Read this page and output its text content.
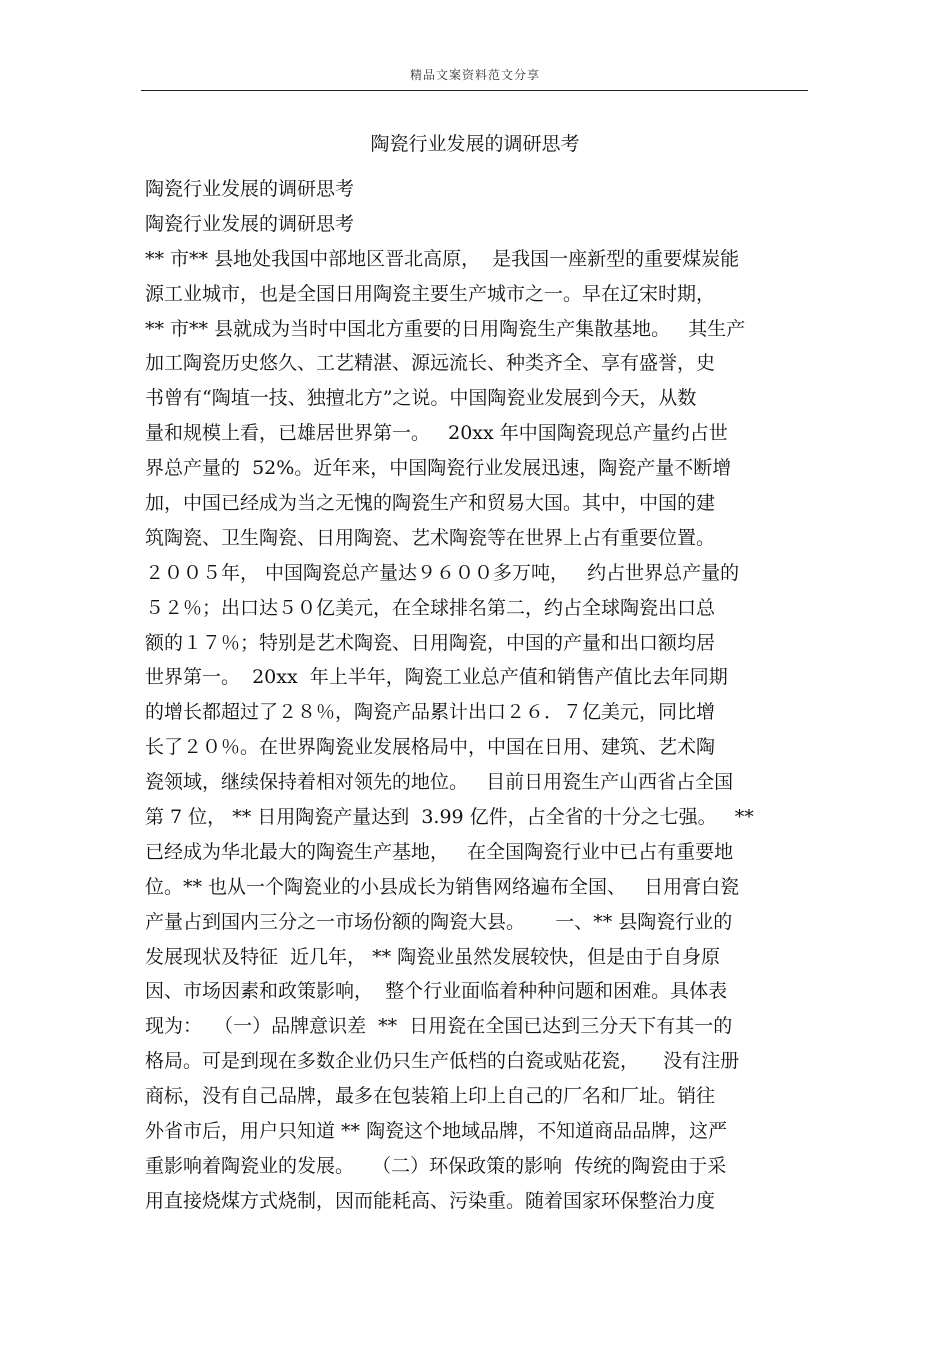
精品文案资料范文分享
陶瓷行业发展的调研思考
陶瓷行业发展的调研思考
陶瓷行业发展的调研思考
** 市** 县地处我国中部地区晋北高原，  是我国一座新型的重要煤炭能
源工业城市，也是全国日用陶瓷主要生产城市之一。早在辽宋时期，
** 市** 县就成为当时中国北方重要的日用陶瓷生产集散基地。   其生产
加工陶瓷历史悠久、工艺精湛、源远流长、种类齐全、享有盛誉，史
书曾有“陶埴一技、独擅北方”之说。中国陶瓷业发展到今天，从数
量和规模上看，已雄居世界第一。   20xx 年中国陶瓷现总产量约占世
界总产量的  52%。近年来，中国陶瓷行业发展迅速，陶瓷产量不断增
加，中国已经成为当之无愧的陶瓷生产和贸易大国。其中，中国的建
筑陶瓷、卫生陶瓷、日用陶瓷、艺术陶瓷等在世界上占有重要位置。
２００５年， 中国陶瓷总产量达９６００多万吨，   约占世界总产量的
５２％；出口达５０亿美元，在全球排名第二，约占全球陶瓷出口总
额的１７％；特别是艺术陶瓷、日用陶瓷，中国的产量和出口额均居
世界第一。  20xx  年上半年，陶瓷工业总产值和销售产值比去年同期
的增长都超过了２８％，陶瓷产品累计出口２６．７亿美元，同比增
长了２０％。在世界陶瓷业发展格局中，中国在日用、建筑、艺术陶
瓷领域，继续保持着相对领先的地位。   目前日用瓷生产山西省占全国
第 7 位， ** 日用陶瓷产量达到  3.99 亿件，占全省的十分之七强。   **
已经成为华北最大的陶瓷生产基地，   在全国陶瓷行业中已占有重要地
位。** 也从一个陶瓷业的小县成长为销售网络遍布全国、   日用膏白瓷
产量占到国内三分之一市场份额的陶瓷大县。     一、** 县陶瓷行业的
发展现状及特征  近几年， ** 陶瓷业虽然发展较快，但是由于自身原
因、市场因素和政策影响，  整个行业面临着种种问题和困难。具体表
现为：  （一）品牌意识差  **  日用瓷在全国已达到三分天下有其一的
格局。可是到现在多数企业仍只生产低档的白瓷或贴花瓷，    没有注册
商标，没有自己品牌，最多在包装箱上印上自己的厂名和厂址。销往
外省市后，用户只知道 ** 陶瓷这个地域品牌，不知道商品品牌，这严
重影响着陶瓷业的发展。   （二）环保政策的影响  传统的陶瓷由于采
用直接烧煤方式烧制，因而能耗高、污染重。随着国家环保整治力度
